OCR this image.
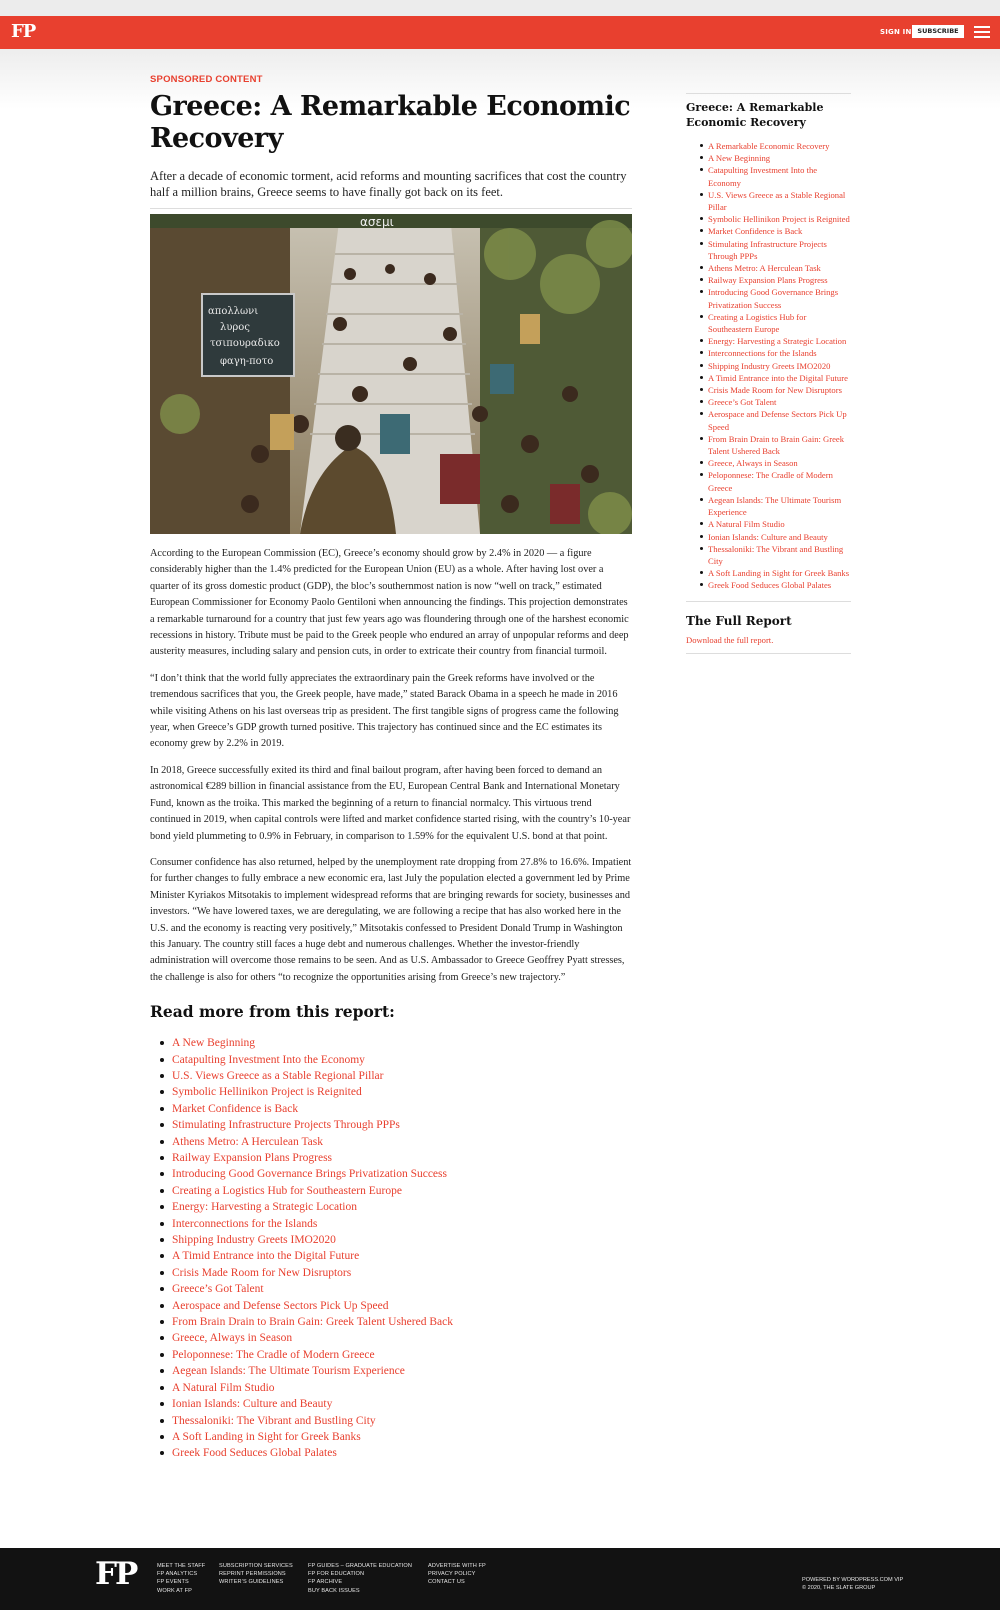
FP	SIGN IN SUBSCRIBE
SPONSORED CONTENT
Greece: A Remarkable Economic Recovery

After a decade of economic torment, acid reforms and mounting sacrifices that cost the country half a million brains, Greece seems to have finally got back on its feet.

απολλωνι
λυρος
τσιπουραδικο
φαγη-ποτο
ασεμι

According to the European Commission (EC), Greece’s economy should grow by 2.4% in 2020 — a figure considerably higher than the 1.4% predicted for the European Union (EU) as a whole. After having lost over a quarter of its gross domestic product (GDP), the bloc’s southernmost nation is now “well on track,” estimated European Commissioner for Economy Paolo Gentiloni when announcing the findings. This projection demonstrates a remarkable turnaround for a country that just few years ago was floundering through one of the harshest economic recessions in history. Tribute must be paid to the Greek people who endured an array of unpopular reforms and deep austerity measures, including salary and pension cuts, in order to extricate their country from financial turmoil.

“I don’t think that the world fully appreciates the extraordinary pain the Greek reforms have involved or the tremendous sacrifices that you, the Greek people, have made,” stated Barack Obama in a speech he made in 2016 while visiting Athens on his last overseas trip as president. The first tangible signs of progress came the following year, when Greece’s GDP growth turned positive. This trajectory has continued since and the EC estimates its economy grew by 2.2% in 2019.

In 2018, Greece successfully exited its third and final bailout program, after having been forced to demand an astronomical €289 billion in financial assistance from the EU, European Central Bank and International Monetary Fund, known as the troika. This marked the beginning of a return to financial normalcy. This virtuous trend continued in 2019, when capital controls were lifted and market confidence started rising, with the country’s 10-year bond yield plummeting to 0.9% in February, in comparison to 1.59% for the equivalent U.S. bond at that point.

Consumer confidence has also returned, helped by the unemployment rate dropping from 27.8% to 16.6%. Impatient for further changes to fully embrace a new economic era, last July the population elected a government led by Prime Minister Kyriakos Mitsotakis to implement widespread reforms that are bringing rewards for society, businesses and investors. “We have lowered taxes, we are deregulating, we are following a recipe that has also worked here in the U.S. and the economy is reacting very positively,” Mitsotakis confessed to President Donald Trump in Washington this January. The country still faces a huge debt and numerous challenges. Whether the investor-friendly administration will overcome those remains to be seen. And as U.S. Ambassador to Greece Geoffrey Pyatt stresses, the challenge is also for others “to recognize the opportunities arising from Greece’s new trajectory.”

Read more from this report:
A New Beginning
Catapulting Investment Into the Economy
U.S. Views Greece as a Stable Regional Pillar
Symbolic Hellinikon Project is Reignited
Market Confidence is Back
Stimulating Infrastructure Projects Through PPPs
Athens Metro: A Herculean Task
Railway Expansion Plans Progress
Introducing Good Governance Brings Privatization Success
Creating a Logistics Hub for Southeastern Europe
Energy: Harvesting a Strategic Location
Interconnections for the Islands
Shipping Industry Greets IMO2020
A Timid Entrance into the Digital Future
Crisis Made Room for New Disruptors
Greece’s Got Talent
Aerospace and Defense Sectors Pick Up Speed
From Brain Drain to Brain Gain: Greek Talent Ushered Back
Greece, Always in Season
Peloponnese: The Cradle of Modern Greece
Aegean Islands: The Ultimate Tourism Experience
A Natural Film Studio
Ionian Islands: Culture and Beauty
Thessaloniki: The Vibrant and Bustling City
A Soft Landing in Sight for Greek Banks
Greek Food Seduces Global Palates
Greece: A Remarkable Economic Recovery
A Remarkable Economic Recovery
A New Beginning
Catapulting Investment Into the Economy
U.S. Views Greece as a Stable Regional Pillar
Symbolic Hellinikon Project is Reignited
Market Confidence is Back
Stimulating Infrastructure Projects Through PPPs
Athens Metro: A Herculean Task
Railway Expansion Plans Progress
Introducing Good Governance Brings Privatization Success
Creating a Logistics Hub for Southeastern Europe
Energy: Harvesting a Strategic Location
Interconnections for the Islands
Shipping Industry Greets IMO2020
A Timid Entrance into the Digital Future
Crisis Made Room for New Disruptors
Greece’s Got Talent
Aerospace and Defense Sectors Pick Up Speed
From Brain Drain to Brain Gain: Greek Talent Ushered Back
Greece, Always in Season
Peloponnese: The Cradle of Modern Greece
Aegean Islands: The Ultimate Tourism Experience
A Natural Film Studio
Ionian Islands: Culture and Beauty
Thessaloniki: The Vibrant and Bustling City
A Soft Landing in Sight for Greek Banks
Greek Food Seduces Global Palates
The Full Report
Download the full report.
FP	MEET THE STAFF
FP ANALYTICS
FP EVENTS
WORK AT FP
SUBSCRIPTION SERVICES
REPRINT PERMISSIONS
WRITER’S GUIDELINES
FP GUIDES – GRADUATE EDUCATION
FP FOR EDUCATION
FP ARCHIVE
BUY BACK ISSUES
ADVERTISE WITH FP
PRIVACY POLICY
CONTACT US	POWERED BY WORDPRESS.COM VIP
© 2020, THE SLATE GROUP
